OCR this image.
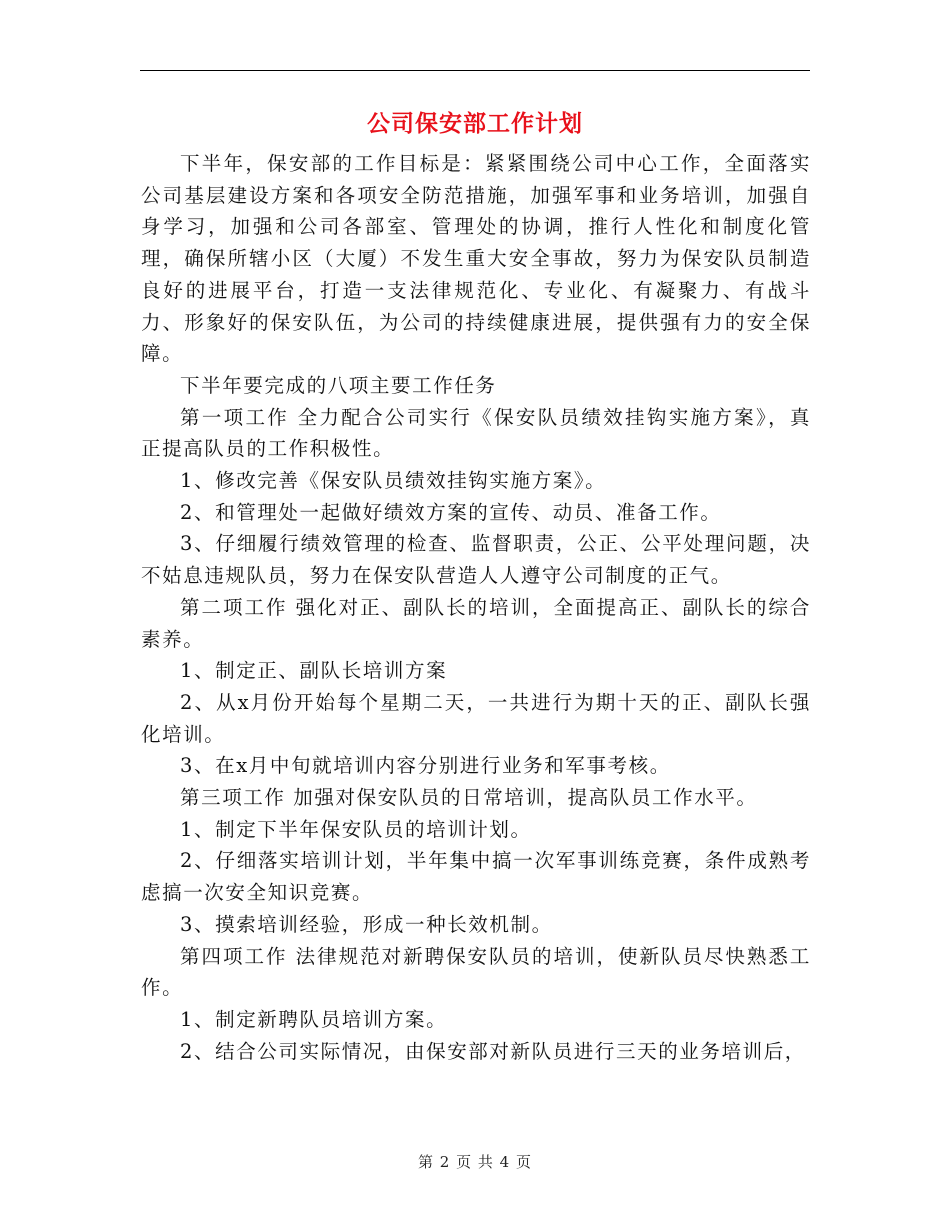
公司保安部工作计划

下半年，保安部的工作目标是：紧紧围绕公司中心工作，全面落实公司基层建设方案和各项安全防范措施，加强军事和业务培训，加强自身学习，加强和公司各部室、管理处的协调，推行人性化和制度化管理，确保所辖小区（大厦）不发生重大安全事故，努力为保安队员制造良好的进展平台，打造一支法律规范化、专业化、有凝聚力、有战斗力、形象好的保安队伍，为公司的持续健康进展，提供强有力的安全保障。

下半年要完成的八项主要工作任务

第一项工作 全力配合公司实行《保安队员绩效挂钩实施方案》，真正提高队员的工作积极性。

1、修改完善《保安队员绩效挂钩实施方案》。

2、和管理处一起做好绩效方案的宣传、动员、准备工作。

3、仔细履行绩效管理的检查、监督职责，公正、公平处理问题，决不姑息违规队员，努力在保安队营造人人遵守公司制度的正气。

第二项工作 强化对正、副队长的培训，全面提高正、副队长的综合素养。

1、制定正、副队长培训方案

2、从x月份开始每个星期二天，一共进行为期十天的正、副队长强化培训。

3、在x月中旬就培训内容分别进行业务和军事考核。

第三项工作 加强对保安队员的日常培训，提高队员工作水平。

1、制定下半年保安队员的培训计划。

2、仔细落实培训计划，半年集中搞一次军事训练竞赛，条件成熟考虑搞一次安全知识竞赛。

3、摸索培训经验，形成一种长效机制。

第四项工作 法律规范对新聘保安队员的培训，使新队员尽快熟悉工作。

1、制定新聘队员培训方案。

2、结合公司实际情况，由保安部对新队员进行三天的业务培训后，

第 2 页 共 4 页
